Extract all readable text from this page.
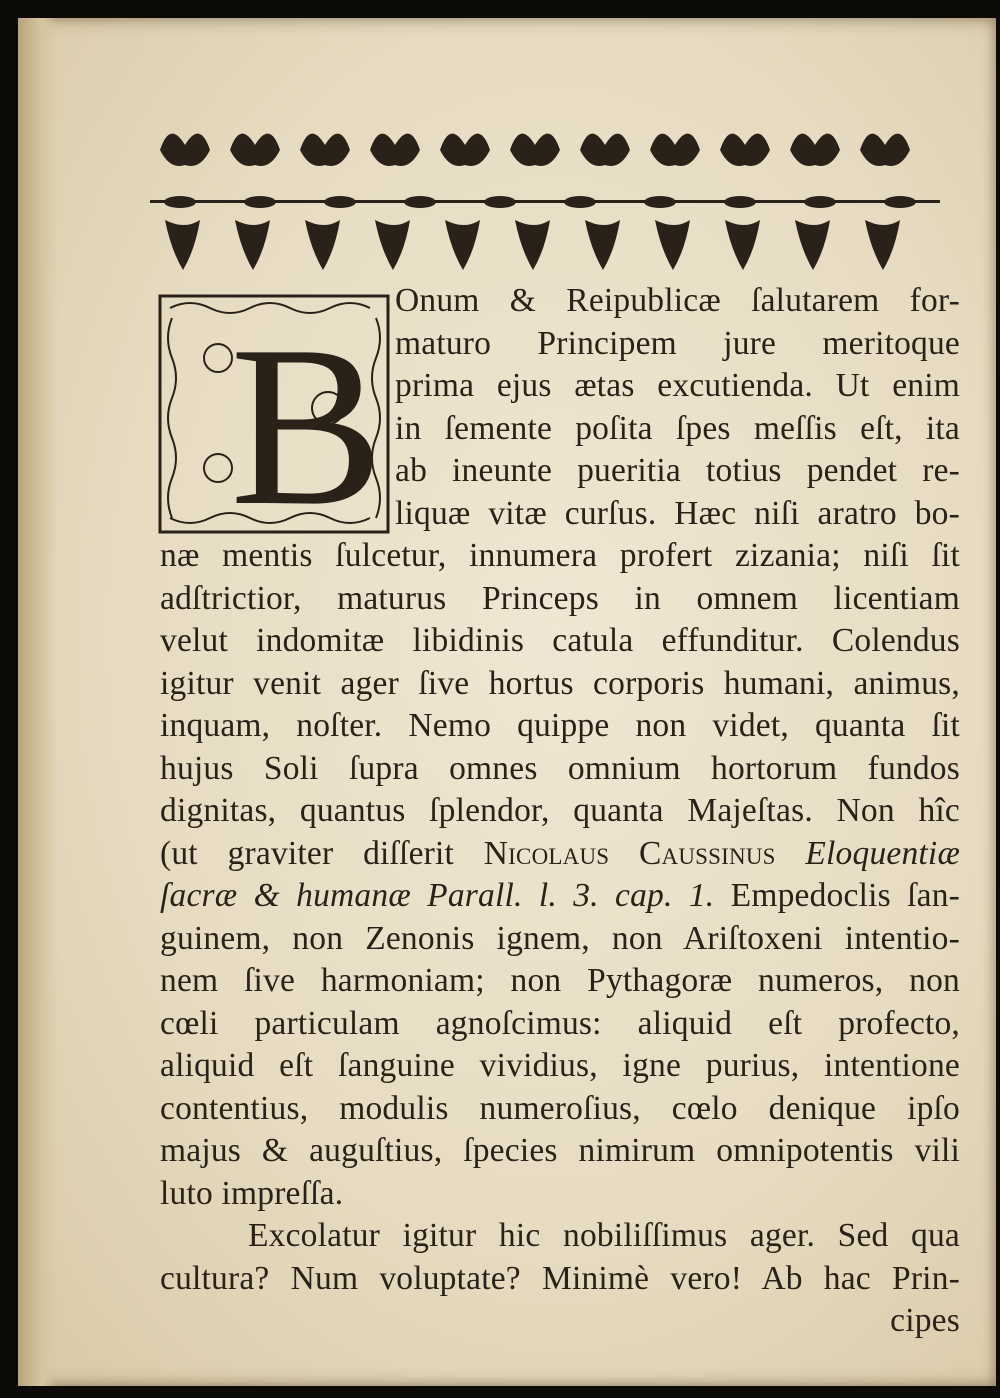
B Onum & Reipublicæ ſalutarem for-
maturo Principem jure meritoque
prima ejus ætas excutienda. Ut enim
in ſemente poſita ſpes meſſis eſt, ita
ab ineunte pueritia totius pendet re-
liquæ vitæ curſus. Hæc niſi aratro bo-
næ mentis ſulcetur, innumera profert zizania; niſi ſit
adſtrictior, maturus Princeps in omnem licentiam
velut indomitæ libidinis catula effunditur. Colendus
igitur venit ager ſive hortus corporis humani, animus,
inquam, noſter. Nemo quippe non videt, quanta ſit
hujus Soli ſupra omnes omnium hortorum fundos
dignitas, quantus ſplendor, quanta Majeſtas. Non hîc
(ut graviter diſſerit Nicolaus Caussinus Eloquentiæ
ſacræ & humanæ Parall. l. 3. cap. 1. Empedoclis ſan-
guinem, non Zenonis ignem, non Ariſtoxeni intentio-
nem ſive harmoniam; non Pythagoræ numeros, non
cœli particulam agnoſcimus: aliquid eſt profecto,
aliquid eſt ſanguine vividius, igne purius, intentione
contentius, modulis numeroſius, cœlo denique ipſo
majus & auguſtius, ſpecies nimirum omnipotentis vili
luto impreſſa.
Excolatur igitur hic nobiliſſimus ager. Sed qua
cultura? Num voluptate? Minimè vero! Ab hac Prin-
cipes
